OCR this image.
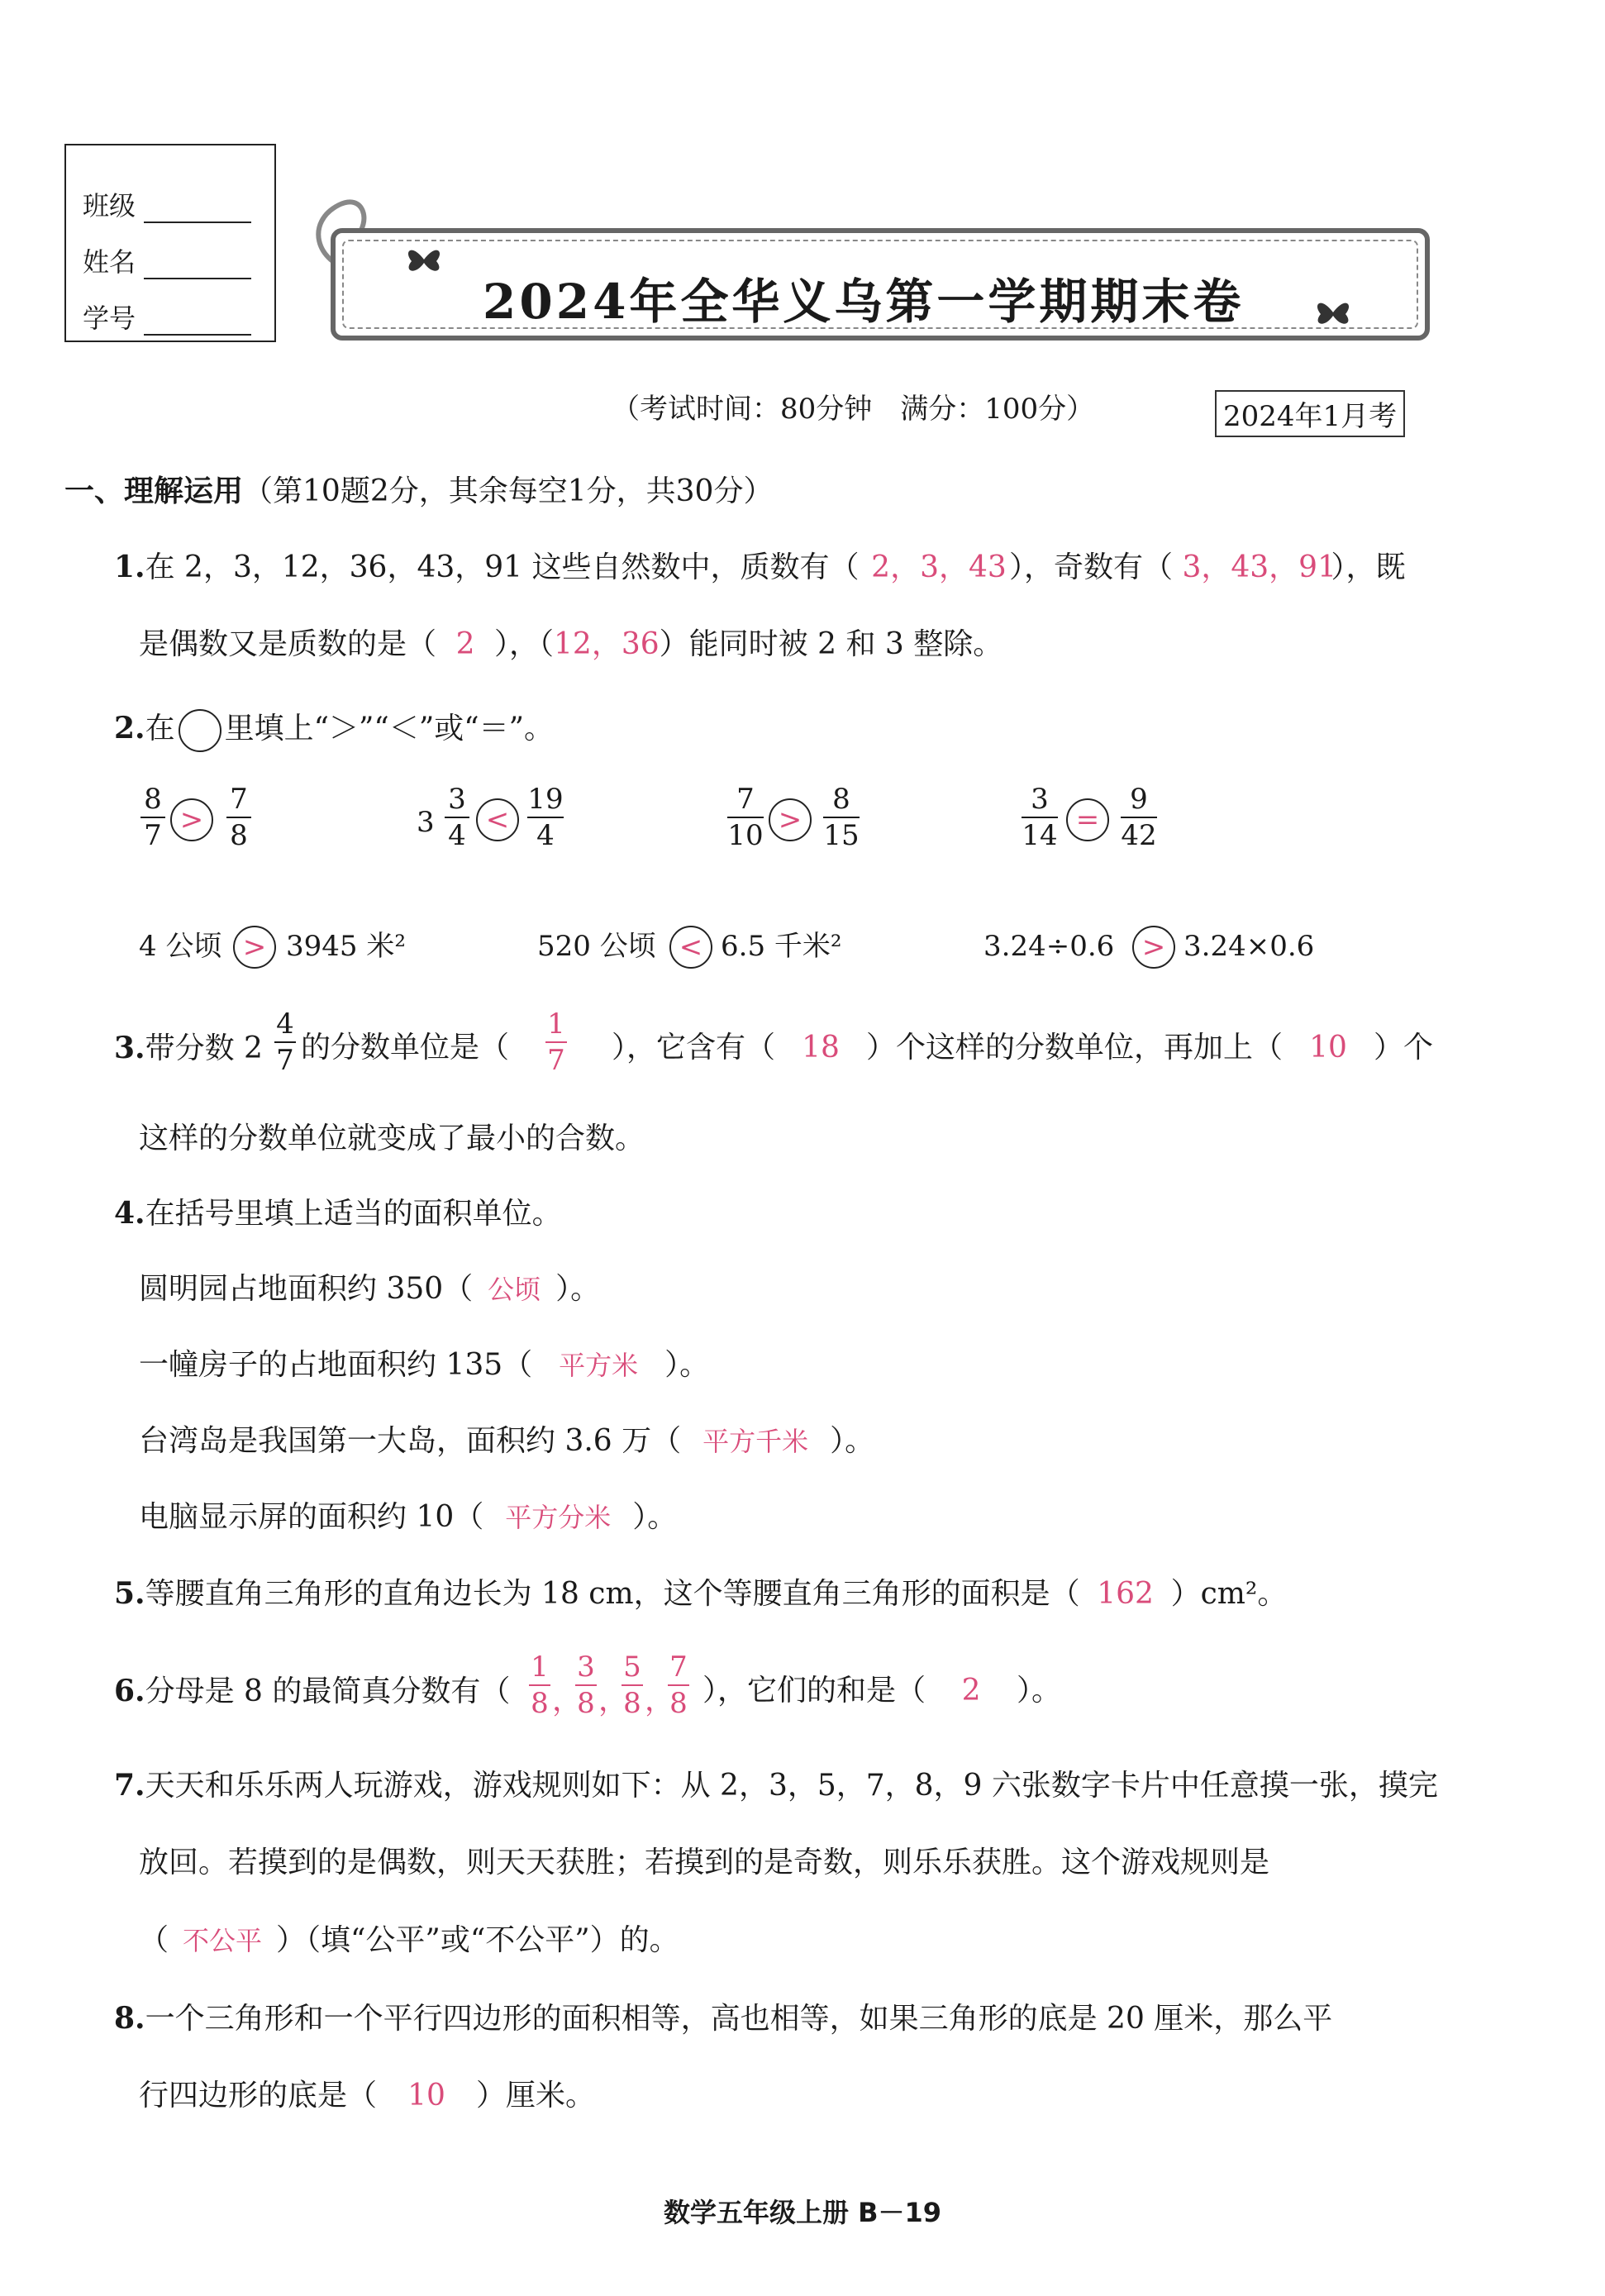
班级
姓名
学号	2024年全华义乌第一学期期末卷
（考试时间：80分钟　满分：100分）	2024年1月考
一、理解运用（第10题2分，其余每空1分，共30分）
1.在 2，3，12，36，43，91 这些自然数中，质数有（ 2，3，43），奇数有（ 3，43，91），既
是偶数又是质数的是（ 2 ），（12，36）能同时被 2 和 3 整除。
2.在 里填上“＞”“＜”或“＝”。
8
7 >
7
8	3
3
4 <
19
4
7
10 >
8
15
3
14 =
9
42
4 公顷 > 3945 米²	520 公顷 < 6.5 千米²	3.24÷0.6 > 3.24×0.6
3.带分数 2
4
7 的分数单位是（
1
7 ），它含有（ 18 ）个这样的分数单位，再加上（ 10 ）个
这样的分数单位就变成了最小的合数。
4.在括号里填上适当的面积单位。
圆明园占地面积约 350（ 公顷 ）。
一幢房子的占地面积约 135（ 平方米 ）。
台湾岛是我国第一大岛，面积约 3.6 万（ 平方千米 ）。
电脑显示屏的面积约 10（ 平方分米 ）。
5.等腰直角三角形的直角边长为 18 cm，这个等腰直角三角形的面积是（ 162 ）cm²。
6.分母是 8 的最简真分数有（
1
8 ，
3
8 ，
5
8 ，
7
8 ），它们的和是（ 2 ）。
7.天天和乐乐两人玩游戏，游戏规则如下：从 2，3，5，7，8，9 六张数字卡片中任意摸一张，摸完
放回。若摸到的是偶数，则天天获胜；若摸到的是奇数，则乐乐获胜。这个游戏规则是
（ 不公平 ）（填“公平”或“不公平”）的。
8.一个三角形和一个平行四边形的面积相等，高也相等，如果三角形的底是 20 厘米，那么平
行四边形的底是（ 10 ）厘米。
数学五年级上册 B－19
